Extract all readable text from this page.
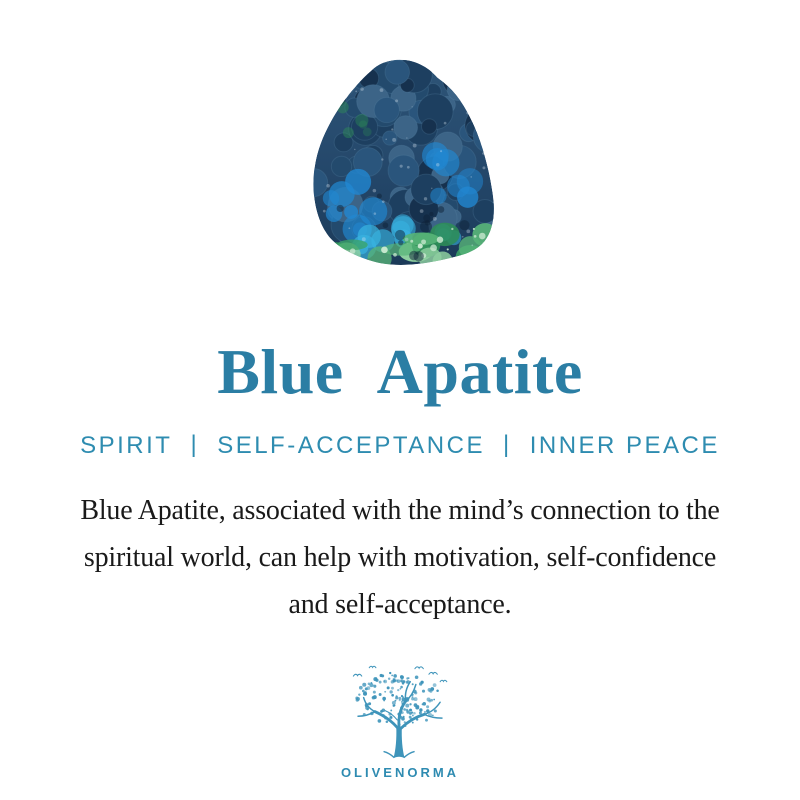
Blue Apatite
SPIRIT | SELF-ACCEPTANCE | INNER PEACE

Blue Apatite, associated with the mind’s connection to the

spiritual world, can help with motivation, self-confidence

and self-acceptance.

OLIVENORMA
